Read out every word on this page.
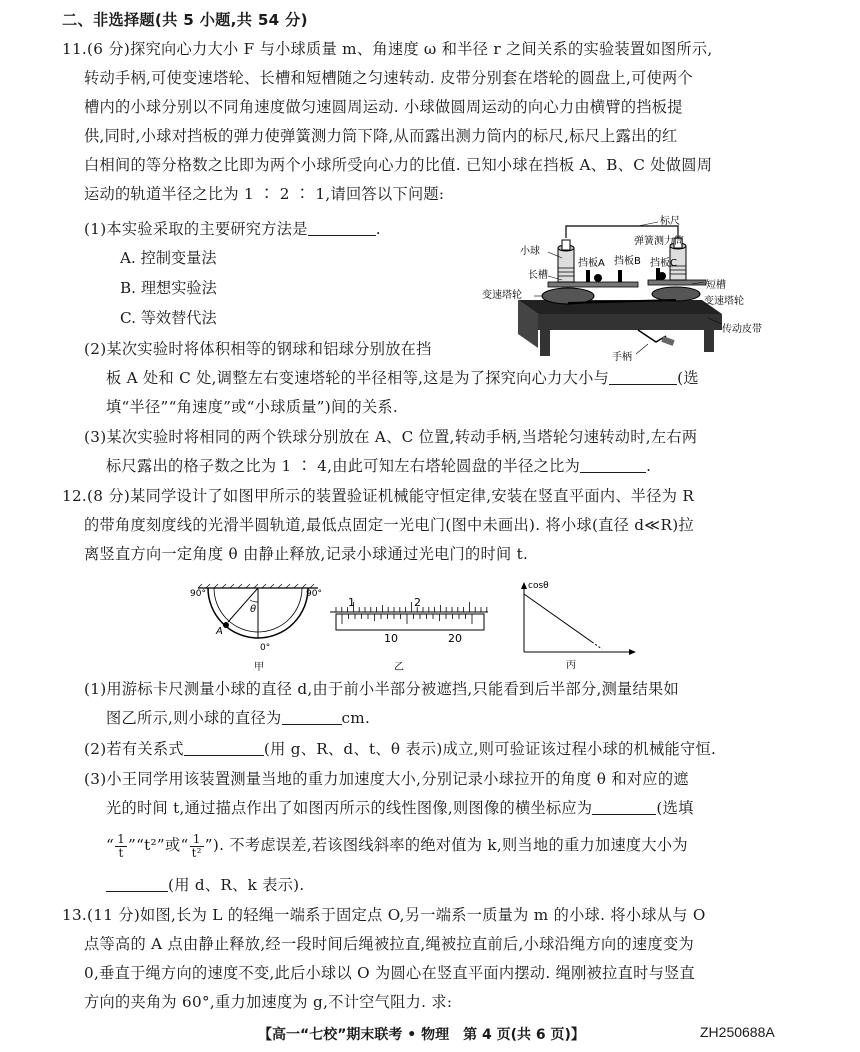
二、非选择题(共 5 小题,共 54 分)
11.(6 分)探究向心力大小 F 与小球质量 m、角速度 ω 和半径 r 之间关系的实验装置如图所示,
转动手柄,可使变速塔轮、长槽和短槽随之匀速转动. 皮带分别套在塔轮的圆盘上,可使两个
槽内的小球分别以不同角速度做匀速圆周运动. 小球做圆周运动的向心力由横臂的挡板提
供,同时,小球对挡板的弹力使弹簧测力筒下降,从而露出测力筒内的标尺,标尺上露出的红
白相间的等分格数之比即为两个小球所受向心力的比值. 已知小球在挡板 A、B、C 处做圆周
运动的轨道半径之比为 1 ∶ 2 ∶ 1,请回答以下问题:
(1)本实验采取的主要研究方法是	.
A. 控制变量法
B. 理想实验法
C. 等效替代法
(2)某次实验时将体积相等的钢球和铝球分别放在挡
板 A 处和 C 处,调整左右变速塔轮的半径相等,这是为了探究向心力大小与	(选
填“半径”“角速度”或“小球质量”)间的关系.
(3)某次实验时将相同的两个铁球分别放在 A、C 位置,转动手柄,当塔轮匀速转动时,左右两
标尺露出的格子数之比为 1 ∶ 4,由此可知左右塔轮圆盘的半径之比为	.
标尺
弹簧测力筒
小球
长槽
挡板A 挡板B 挡板C
变速塔轮
短槽
变速塔轮
传动皮带
手柄
12.(8 分)某同学设计了如图甲所示的装置验证机械能守恒定律,安装在竖直平面内、半径为 R
的带角度刻度线的光滑半圆轨道,最低点固定一光电门(图中未画出). 将小球(直径 d≪R)拉
离竖直方向一定角度 θ 由静止释放,记录小球通过光电门的时间 t.
90°	90°
θ
A
0°
甲
1	2
10	20
乙
cosθ
丙
(1)用游标卡尺测量小球的直径 d,由于前小半部分被遮挡,只能看到后半部分,测量结果如
图乙所示,则小球的直径为	cm.
(2)若有关系式	(用 g、R、d、t、θ 表示)成立,则可验证该过程小球的机械能守恒.
(3)小王同学用该装置测量当地的重力加速度大小,分别记录小球拉开的角度 θ 和对应的遮
光的时间 t,通过描点作出了如图丙所示的线性图像,则图像的横坐标应为	(选填
“ $\frac{1}{t}$ ”“t²”或“ $\frac{1}{\text{t²}}$ ”). 不考虑误差,若该图线斜率的绝对值为 k,则当地的重力加速度大小为
(用 d、R、k 表示).
13.(11 分)如图,长为 L 的轻绳一端系于固定点 O,另一端系一质量为 m 的小球. 将小球从与 O
点等高的 A 点由静止释放,经一段时间后绳被拉直,绳被拉直前后,小球沿绳方向的速度变为
0,垂直于绳方向的速度不变,此后小球以 O 为圆心在竖直平面内摆动. 绳刚被拉直时与竖直
方向的夹角为 60°,重力加速度为 g,不计空气阻力. 求:
【高一“七校”期末联考 • 物理　第 4 页(共 6 页)】	ZH250688A
